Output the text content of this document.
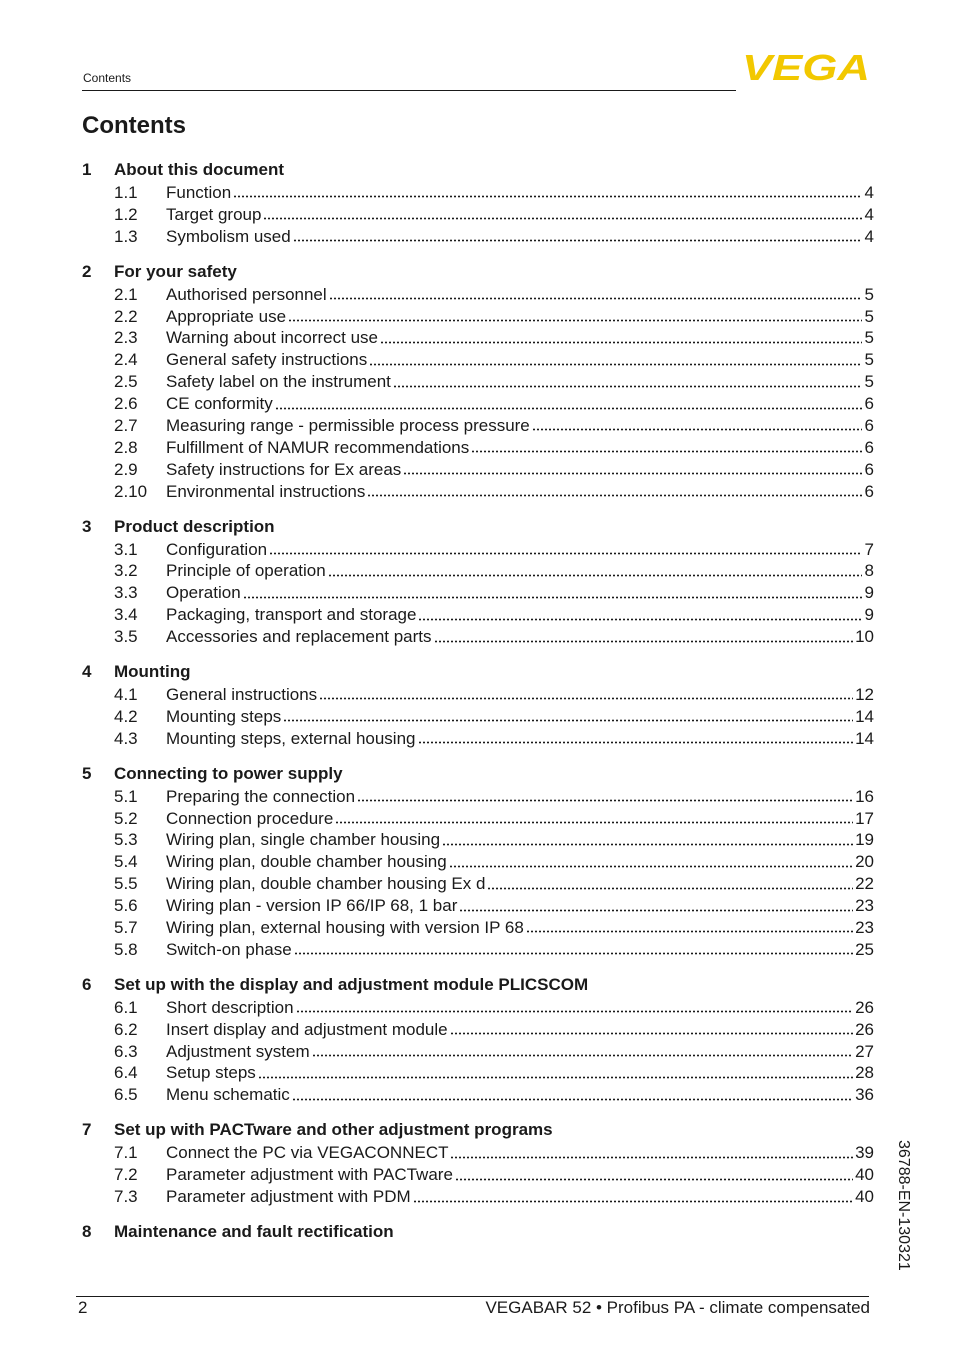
Contents	VEGA
Contents
1	About this document
1.1	Function	4
1.2	Target group	4
1.3	Symbolism used	4
2	For your safety
2.1	Authorised personnel	5
2.2	Appropriate use	5
2.3	Warning about incorrect use	5
2.4	General safety instructions	5
2.5	Safety label on the instrument	5
2.6	CE conformity	6
2.7	Measuring range - permissible process pressure	6
2.8	Fulfillment of NAMUR recommendations	6
2.9	Safety instructions for Ex areas	6
2.10	Environmental instructions	6
3	Product description
3.1	Configuration	7
3.2	Principle of operation	8
3.3	Operation	9
3.4	Packaging, transport and storage	9
3.5	Accessories and replacement parts	10
4	Mounting
4.1	General instructions	12
4.2	Mounting steps	14
4.3	Mounting steps, external housing	14
5	Connecting to power supply
5.1	Preparing the connection	16
5.2	Connection procedure	17
5.3	Wiring plan, single chamber housing	19
5.4	Wiring plan, double chamber housing	20
5.5	Wiring plan, double chamber housing Ex d	22
5.6	Wiring plan - version IP 66/IP 68, 1 bar	23
5.7	Wiring plan, external housing with version IP 68	23
5.8	Switch-on phase	25
6	Set up with the display and adjustment module PLICSCOM
6.1	Short description	26
6.2	Insert display and adjustment module	26
6.3	Adjustment system	27
6.4	Setup steps	28
6.5	Menu schematic	36
7	Set up with PACTware and other adjustment programs
7.1	Connect the PC via VEGACONNECT	39
7.2	Parameter adjustment with PACTware	40
7.3	Parameter adjustment with PDM	40
8	Maintenance and fault rectification	36788-EN-130321
2	VEGABAR 52 • Profibus PA - climate compensated
